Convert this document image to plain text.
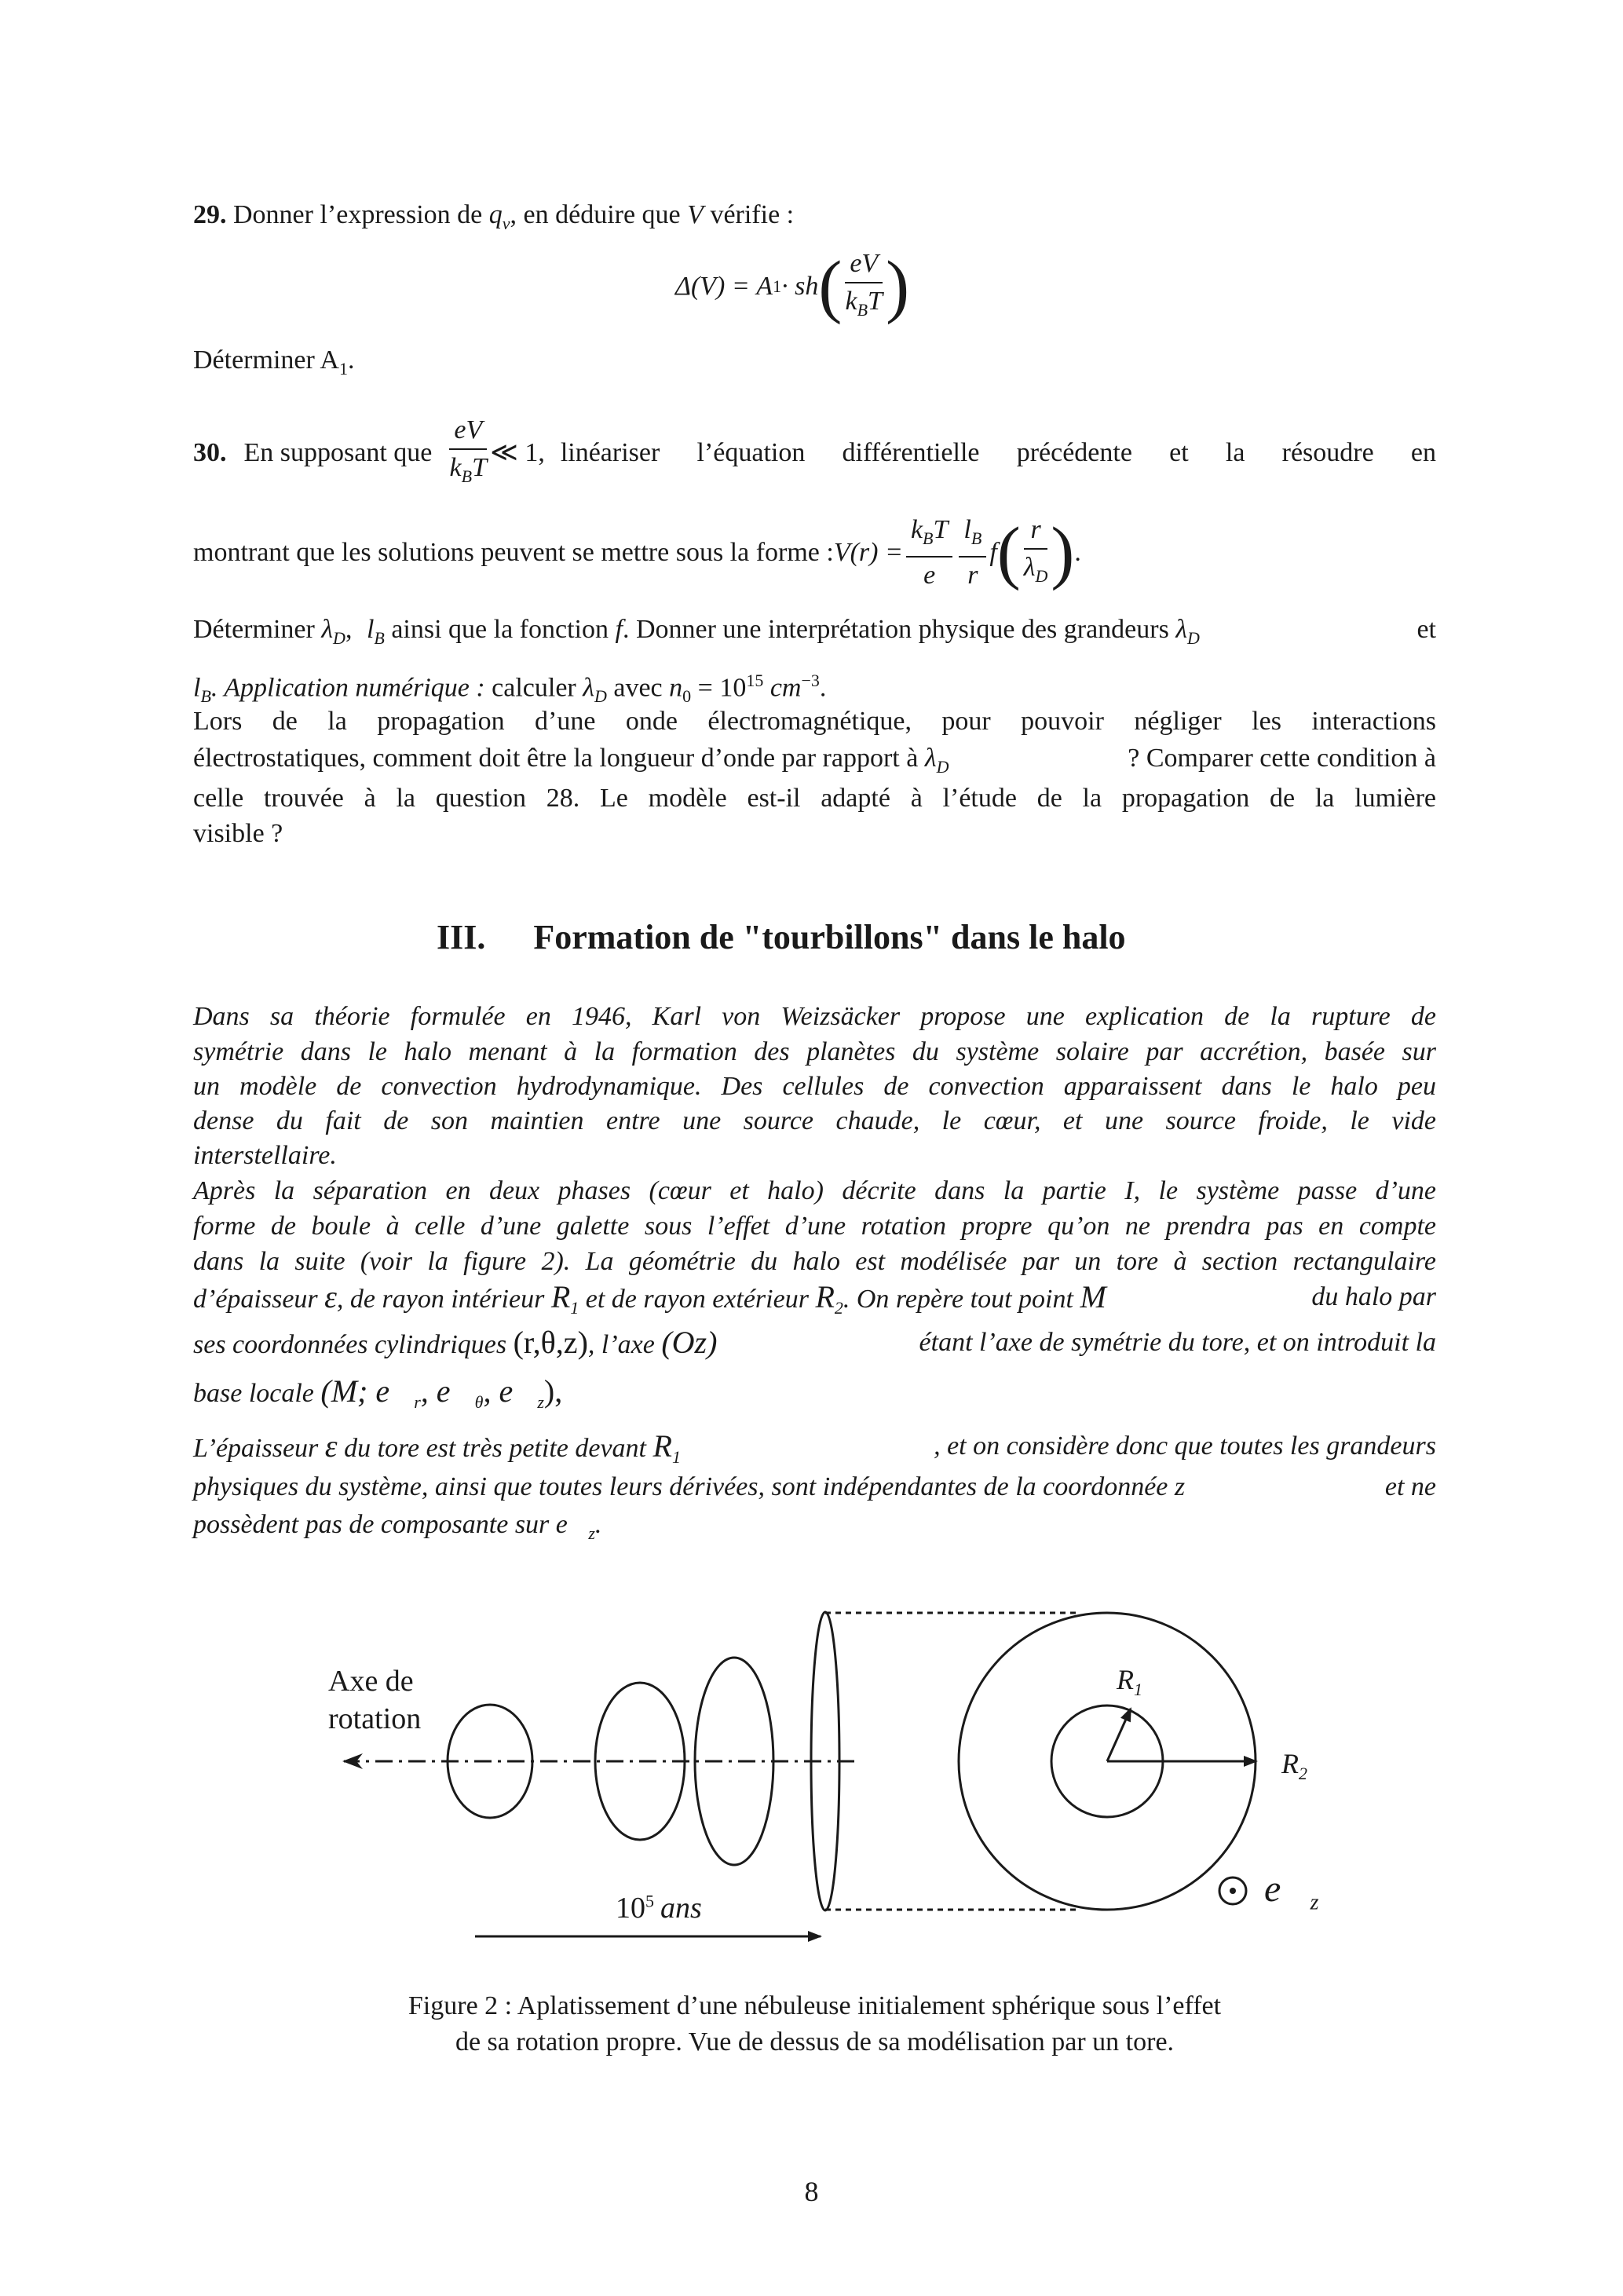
29. Donner l’expression de $q_v$, en déduire que V vérifie :
Δ(V) = A 1 · sh ( $\frac{eV}{k_BT}$ )
Déterminer $A_1$.
30. En supposant que $\frac{eV}{k_BT}$ ≪ 1, linéariser l’équation différentielle précédente et la résoudre en
montrant que les solutions peuvent se mettre sous la forme : $V(r) = \frac{k_BT}{e} \frac{l_B}{r}$ f ( $\frac{r}{\lambda_D}$ ) .
Déterminer $\lambda_D$, $l_B$ ainsi que la fonction f. Donner une interprétation physique des grandeurs $\lambda_D$	et
$l_B$. Application numérique : calculer $\lambda_D$ avec $n_0 = 10^{15}$ $cm^{-3}$.
Lors de la propagation d’une onde électromagnétique, pour pouvoir négliger les interactions
électrostatiques, comment doit être la longueur d’onde par rapport à $\lambda_D$	? Comparer cette condition à
celle trouvée à la question 28. Le modèle est-il adapté à l’étude de la propagation de la lumière
visible ?
III. Formation de "tourbillons" dans le halo
Dans sa théorie formulée en 1946, Karl von Weizsäcker propose une explication de la rupture de
symétrie dans le halo menant à la formation des planètes du système solaire par accrétion, basée sur
un modèle de convection hydrodynamique. Des cellules de convection apparaissent dans le halo peu
dense du fait de son maintien entre une source chaude, le cœur, et une source froide, le vide
interstellaire.
Après la séparation en deux phases (cœur et halo) décrite dans la partie I, le système passe d’une
forme de boule à celle d’une galette sous l’effet d’une rotation propre qu’on ne prendra pas en compte
dans la suite (voir la figure 2). La géométrie du halo est modélisée par un tore à section rectangulaire
d’épaisseur ε, de rayon intérieur $R_1$ et de rayon extérieur $R_2$. On repère tout point M	du halo par
ses coordonnées cylindriques (r,θ,z), l’axe (Oz)	étant l’axe de symétrie du tore, et on introduit la
base locale (M; $e⃗_r$, $e⃗_\theta$, $e⃗_z$),
L’épaisseur ε du tore est très petite devant $R_1$	, et on considère donc que toutes les grandeurs
physiques du système, ainsi que toutes leurs dérivées, sont indépendantes de la coordonnée z	et ne
possèdent pas de composante sur $e⃗_z$.
Axe de
rotation
$R_1$
$R_2$
$e⃗_z$
$10^5$ ans
Figure 2 : Aplatissement d’une nébuleuse initialement sphérique sous l’effet
de sa rotation propre. Vue de dessus de sa modélisation par un tore.
8
